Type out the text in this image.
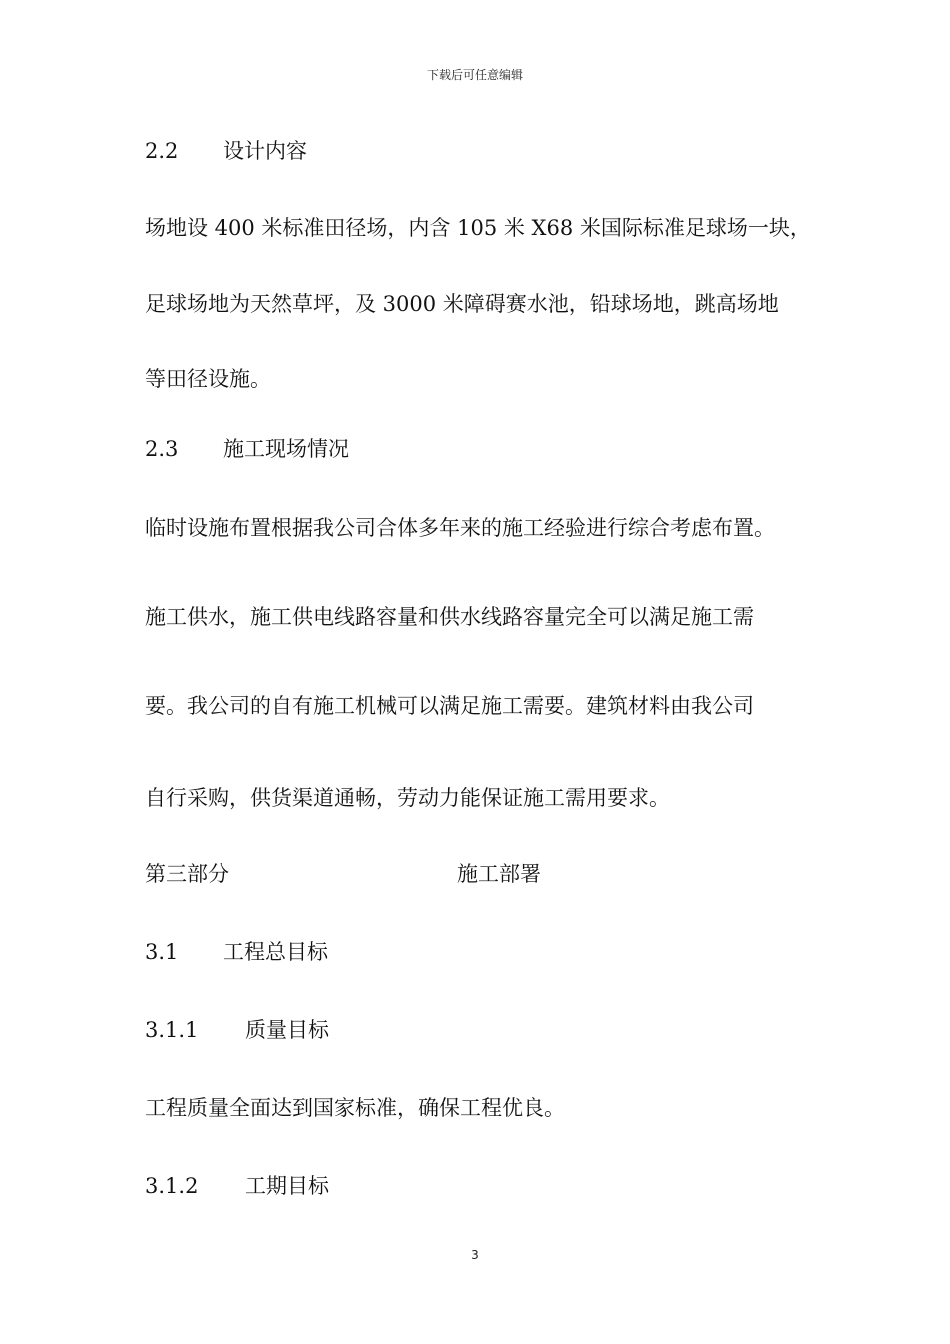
下载后可任意编辑
2.2 设计内容
场地设 400 米标准田径场，内含 105 米 X68 米国际标准足球场一块，
足球场地为天然草坪，及 3000 米障碍赛水池，铅球场地，跳高场地
等田径设施。
2.3 施工现场情况
临时设施布置根据我公司合体多年来的施工经验进行综合考虑布置。
施工供水，施工供电线路容量和供水线路容量完全可以满足施工需
要。我公司的自有施工机械可以满足施工需要。建筑材料由我公司
自行采购，供货渠道通畅，劳动力能保证施工需用要求。
第三部分	施工部署
3.1 工程总目标
3.1.1 质量目标
工程质量全面达到国家标准，确保工程优良。
3.1.2 工期目标
3
